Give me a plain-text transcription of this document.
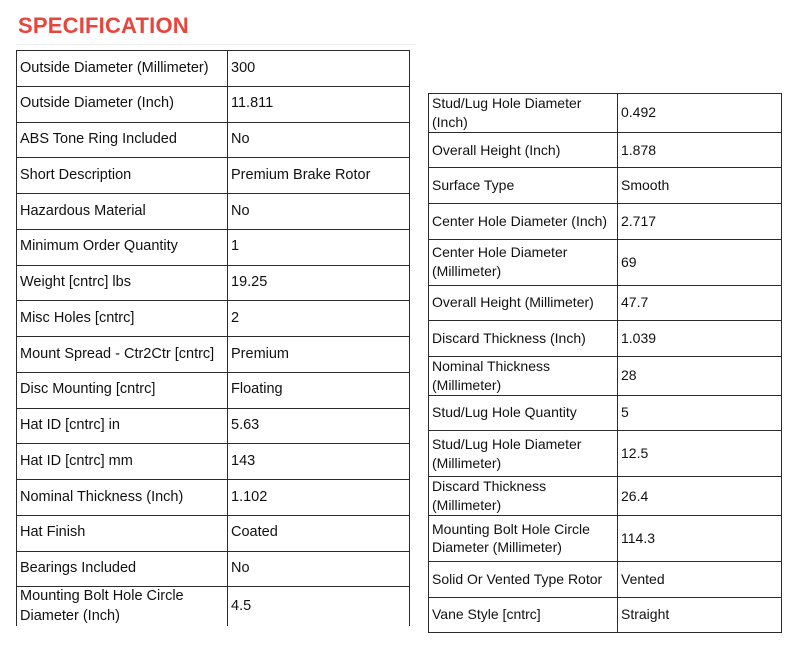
SPECIFICATION
Outside Diameter (Millimeter)	300
Outside Diameter (Inch)	11.811
ABS Tone Ring Included	No
Short Description	Premium Brake Rotor
Hazardous Material	No
Minimum Order Quantity	1
Weight [cntrc] lbs	19.25
Misc Holes [cntrc]	2
Mount Spread - Ctr2Ctr [cntrc]	Premium
Disc Mounting [cntrc]	Floating
Hat ID [cntrc] in	5.63
Hat ID [cntrc] mm	143
Nominal Thickness (Inch)	1.102
Hat Finish	Coated
Bearings Included	No
Mounting Bolt Hole Circle Diameter (Inch)	4.5
Stud/Lug Hole Diameter (Inch)	0.492
Overall Height (Inch)	1.878
Surface Type	Smooth
Center Hole Diameter (Inch)	2.717
Center Hole Diameter (Millimeter)	69
Overall Height (Millimeter)	47.7
Discard Thickness (Inch)	1.039
Nominal Thickness (Millimeter)	28
Stud/Lug Hole Quantity	5
Stud/Lug Hole Diameter (Millimeter)	12.5
Discard Thickness (Millimeter)	26.4
Mounting Bolt Hole Circle Diameter (Millimeter)	114.3
Solid Or Vented Type Rotor	Vented
Vane Style [cntrc]	Straight
